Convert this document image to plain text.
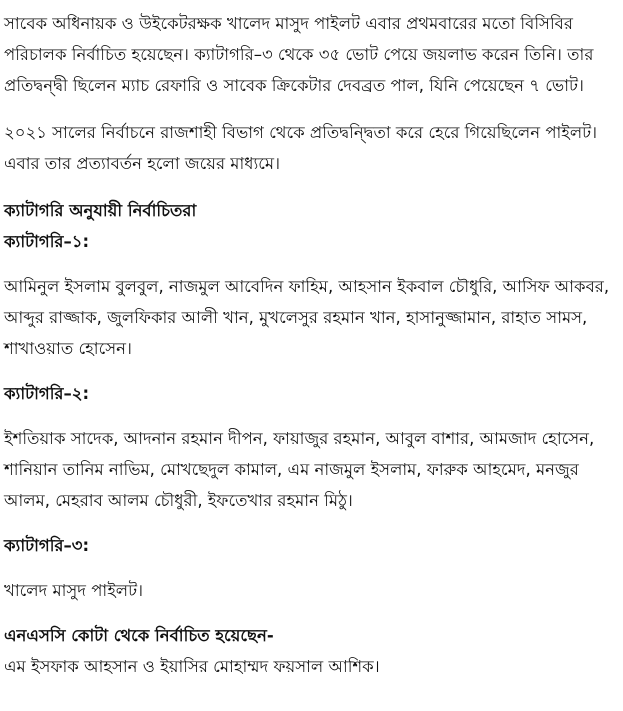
সাবেক অধিনায়ক ও উইকেটরক্ষক খালেদ মাসুদ পাইলট এবার প্রথমবারের মতো বিসিবির পরিচালক নির্বাচিত হয়েছেন। ক্যাটাগরি–৩ থেকে ৩৫ ভোট পেয়ে জয়লাভ করেন তিনি। তার প্রতিদ্বন্দ্বী ছিলেন ম্যাচ রেফারি ও সাবেক ক্রিকেটার দেবব্রত পাল, যিনি পেয়েছেন ৭ ভোট।

২০২১ সালের নির্বাচনে রাজশাহী বিভাগ থেকে প্রতিদ্বন্দ্বিতা করে হেরে গিয়েছিলেন পাইলট। এবার তার প্রত্যাবর্তন হলো জয়ের মাধ্যমে।

ক্যাটাগরি অনুযায়ী নির্বাচিতরা
ক্যাটাগরি–১:

আমিনুল ইসলাম বুলবুল, নাজমুল আবেদিন ফাহিম, আহসান ইকবাল চৌধুরি, আসিফ আকবর, আব্দুর রাজ্জাক, জুলফিকার আলী খান, মুখলেসুর রহমান খান, হাসানুজ্জামান, রাহাত সামস, শাখাওয়াত হোসেন।

ক্যাটাগরি–২:

ইশতিয়াক সাদেক, আদনান রহমান দীপন, ফায়াজুর রহমান, আবুল বাশার, আমজাদ হোসেন, শানিয়ান তানিম নাভিম, মোখছেদুল কামাল, এম নাজমুল ইসলাম, ফারুক আহমেদ, মনজুর আলম, মেহরাব আলম চৌধুরী, ইফতেখার রহমান মিঠু।

ক্যাটাগরি–৩:

খালেদ মাসুদ পাইলট।

এনএসসি কোটা থেকে নির্বাচিত হয়েছেন-

এম ইসফাক আহসান ও ইয়াসির মোহাম্মদ ফয়সাল আশিক।
